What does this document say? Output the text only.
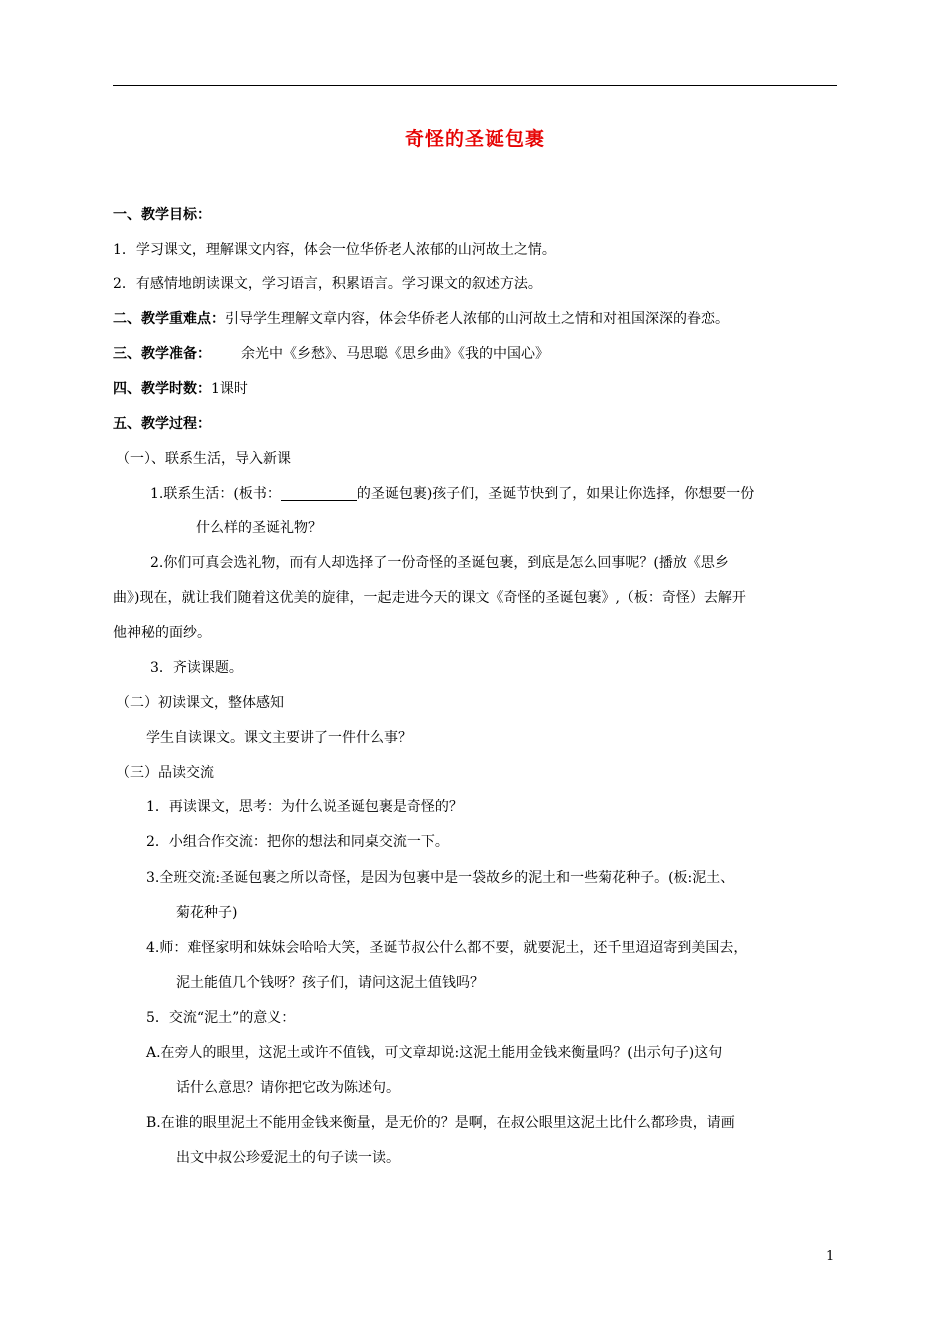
奇怪的圣诞包裹
一、教学目标：
1．学习课文，理解课文内容，体会一位华侨老人浓郁的山河故土之情。
2．有感情地朗读课文，学习语言，积累语言。学习课文的叙述方法。
二、教学重难点：引导学生理解文章内容，体会华侨老人浓郁的山河故土之情和对祖国深深的眷恋。
三、教学准备： 余光中《乡愁》、马思聪《思乡曲》《我的中国心》
四、教学时数：1课时
五、教学过程：
（一）、联系生活，导入新课
1.联系生活：(板书：	的圣诞包裹)孩子们，圣诞节快到了，如果让你选择，你想要一份
什么样的圣诞礼物？
2.你们可真会选礼物，而有人却选择了一份奇怪的圣诞包裹，到底是怎么回事呢？(播放《思乡
曲》)现在，就让我们随着这优美的旋律，一起走进今天的课文《奇怪的圣诞包裹》,（板：奇怪）去解开
他神秘的面纱。
3．齐读课题。
（二）初读课文，整体感知
学生自读课文。课文主要讲了一件什么事？
（三）品读交流
1．再读课文，思考：为什么说圣诞包裹是奇怪的？
2．小组合作交流：把你的想法和同桌交流一下。
3.全班交流:圣诞包裹之所以奇怪，是因为包裹中是一袋故乡的泥土和一些菊花种子。(板:泥土、
菊花种子)
4.师：难怪家明和妹妹会哈哈大笑，圣诞节叔公什么都不要，就要泥土，还千里迢迢寄到美国去，
泥土能值几个钱呀？孩子们，请问这泥土值钱吗？
5．交流“泥土”的意义：
A.在旁人的眼里，这泥土或许不值钱，可文章却说:这泥土能用金钱来衡量吗？(出示句子)这句
话什么意思？请你把它改为陈述句。
B.在谁的眼里泥土不能用金钱来衡量，是无价的？是啊，在叔公眼里这泥土比什么都珍贵，请画
出文中叔公珍爱泥土的句子读一读。
1
